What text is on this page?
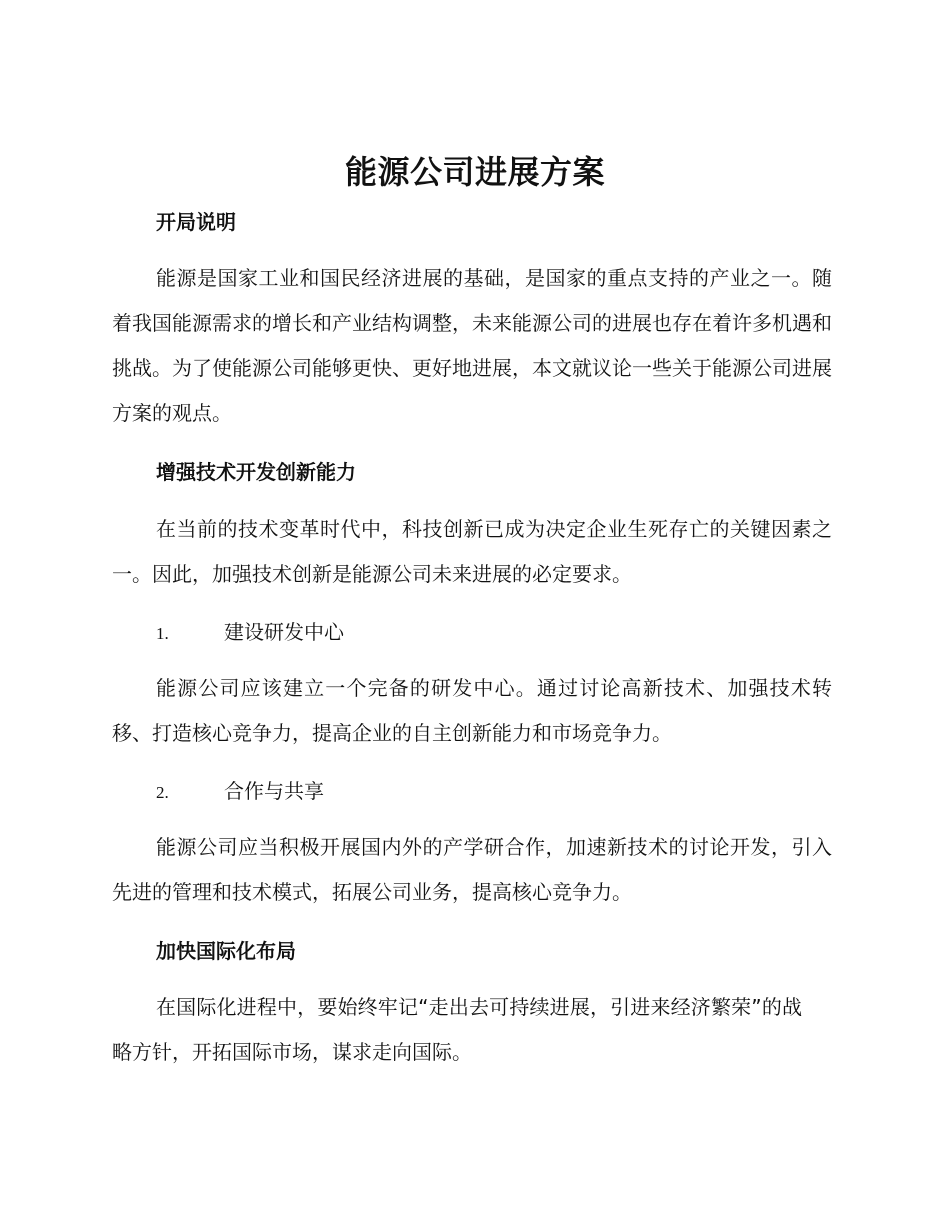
能源公司进展方案
开局说明

能源是国家工业和国民经济进展的基础，是国家的重点支持的产业之一。随着我国能源需求的增长和产业结构调整，未来能源公司的进展也存在着许多机遇和挑战。为了使能源公司能够更快、更好地进展，本文就议论一些关于能源公司进展方案的观点。

增强技术开发创新能力

在当前的技术变革时代中，科技创新已成为决定企业生死存亡的关键因素之一。因此，加强技术创新是能源公司未来进展的必定要求。

1.	建设研发中心

能源公司应该建立一个完备的研发中心。通过讨论高新技术、加强技术转移、打造核心竞争力，提高企业的自主创新能力和市场竞争力。

2.	合作与共享

能源公司应当积极开展国内外的产学研合作，加速新技术的讨论开发，引入先进的管理和技术模式，拓展公司业务，提高核心竞争力。

加快国际化布局

在国际化进程中，要始终牢记“走出去可持续进展，引进来经济繁荣”的战略方针，开拓国际市场，谋求走向国际。
